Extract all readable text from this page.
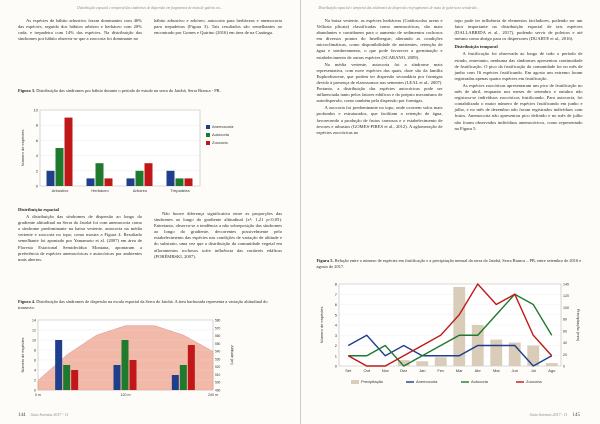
Distribuição espacial e temporal das síndromes de dispersão em fragmentos de mata de galeria no...

As espécies de hábito arbustivo foram dominantes com 46% das espécies, seguido dos hábitos arbóreo e herbáceo com 20% cada, e trepadeira com 14% das espécies. Na distribuição das síndromes por hábito observa-se que a zoocoria foi dominante no

hábito arbustivo e arbóreo, autocoria para herbáceas e anemocoria para trepadeiras (Figura 3). Tais resultados são semelhantes ao encontrado por Gomes e Quirino (2016) em área de na Caatinga.

Figura 3. Distribuição das síndromes por hábito durante o período de estudo na serra do Jatobá, Serra Branca - PB.
0
2
4
6
8
10
Número de espécies
Arbustivo	Herbáceo	Arbóreo	Trepadeira
Anemocoria
Autocoria
Zoocoria

Distribuição espacial

A distribuição das síndromes de dispersão ao longo do gradiente altitudinal na Serra do Jatobá foi com anemocoria como a síndrome predominante na baixa vertente, autocoria na média vertente e zoocoria no topo, como mostra a Figura 4. Resultado semelhante foi apontado por Yamamoto et al. (2007) em área de Floresta Estacional Semidecídua Montana, apontaram a preferência de espécies anemocóricas e autocóricas por ambientes mais abertos.

Não houve diferença significativa entre as proporções das síndromes ao longo do gradiente altitudinal (x²: 1,21 p<0,05). Entretanto, observa-se a tendência a não sobreposição das síndromes ao longo do gradiente, decorrentes possivelmente pelo estabelecimento das espécies nas condições de variação de altitude e do substrato, uma vez que a distribuição da comunidade vegetal em afloramentos rochosos sofre influência das variáveis edáficas (PORÉMBSKI, 2007).

Figura 4. Distribuição das síndromes de dispersão na escala espacial da Serra do Jatobá. A área hachurada representa a variação altitudinal do transecto.
0
2
4
6
8
10
12
14
490
500
510
520
530
540
550
560
570
580
Número de espécies	Altitude (m)
0 m	120 m	240 m
144 Gaia Scientia 2017 - 11
Distribuição espacial e temporal das síndromes de dispersão em fragmentos de mata de galeria no semiárido...

Na baixa vertente, as espécies herbáceas (Cnidoscolus urens e Vellozia plicata) classificadas como anemocóricas, são mais abundantes e contribuem para o aumento de sedimentos rochosos em diversos pontos do Inselbergue, alterando as condições microclimáticas, como disponibilidade de nutrientes, retenção de água e sombreamento, o que pode favorecer a germinação e estabelecimento de outras espécies (SCARANO, 2009).

Na média vertente, autocoria foi a síndrome mais representativa, com nove espécies das quais, doze são da família Euphorbiaceae, que podem ter dispersão secundária por formigas devido à presença de elaiossomos nas sementes (LEAL et al., 2007). Portanto, a distribuição das espécies autocóricas pode ser influenciada tanto pelos fatores edáficos e do próprio mecanismo de autodispersão, como também pela dispersão por formigas.

A zoocoria foi predominante no topo, onde ocorrem solos mais profundos e estruturados, que facilitam a retenção de água, favorecendo a produção de frutos carnosos e o estabelecimento de árvores e arbustos (GOMES-PIRES et al., 2012). A aglomeração de espécies zoocóricas no

topo pode ter influência de elementos faciladores, podendo ser um fator importante na distribuição espacial de tais espécies (DALLABRIDA et al., 2017), podendo servir de poleiros e até mesmo como abrigo para os dispersores (DUARTE et al., 2016).

Distribuição temporal

A frutificação foi observada ao longo de todo o período de estudo, entretanto, nenhuma das síndromes apresentou continuidade de frutificação. O pico da frutificação da comunidade foi no mês de junho com 16 espécies frutificando. Em agosto um extremo foram registradas apenas quatro espécies em frutificação.

As espécies zoocóricas apresentaram um pico de frutificação no mês de abril, enquanto nos meses de setembro e outubro não registrou-se indivíduos zoocóricos frutificando. Para autocoria, foi contabilizado o maior número de espécies frutificando em junho e julho, e no mês de dezembro não foram registrados indivíduos com frutos. Anemocoria não apresentou pico definido e no mês de julho não foram observados indivíduos anemocóricos, como representado na Figura 5.

Figura 5. Relação entre o número de espécies em frutificação e a precipitação mensal da serra do Jatobá, Serra Branca – PB, entre setembro de 2016 e agosto de 2017.
0
1
2
3
4
5
6
7
8
0
20
40
60
80
100
120
140
Número de espécies	Precipitação (mm)
Set	Out	Nov	Dez	Jan	Fev	Mar	Abr	Mai	Jun	Jul	Ago
Precipitação	Anemocoria	Autocoria	Zoocoria
Gaia Scientia 2017 - 11 145
